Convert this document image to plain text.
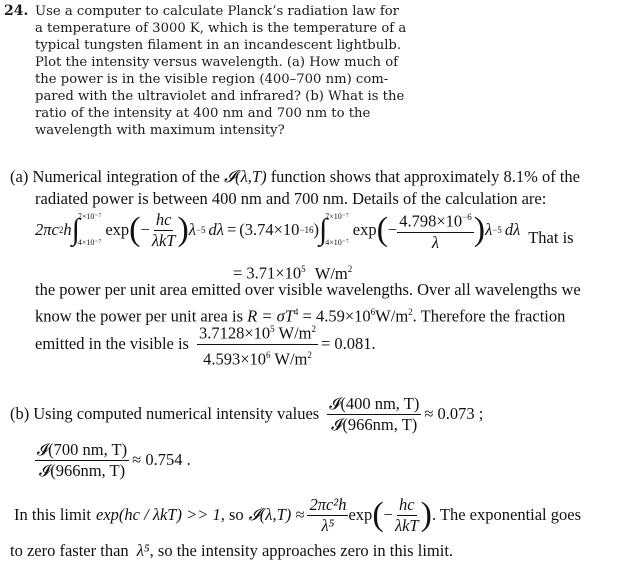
24. Use a computer to calculate Planck’s radiation law for
a temperature of 3000 K, which is the temperature of a
typical tungsten filament in an incandescent lightbulb.
Plot the intensity versus wavelength. (a) How much of
the power is in the visible region (400–700 nm) com-
pared with the ultraviolet and infrared? (b) What is the
ratio of the intensity at 400 nm and 700 nm to the
wavelength with maximum intensity?
(a) Numerical integration of the 𝓘(λ,T) function shows that approximately 8.1% of the
radiated power is between 400 nm and 700 nm. Details of the calculation are:
2πc 2 h ∫
7×10⁻⁷
4×10⁻⁷
exp ( − $\frac{hc}{\text{λkT}}$ ) λ −5 dλ = (3.74×10 −16 ) ∫
7×10⁻⁷
4×10⁻⁷
exp ( − $\frac{4.798\times 10^{-6}}{\lambda}$ ) λ −5 dλ That is
= $3.71\times 10^5$ $W/m^2$
the power per unit area emitted over visible wavelengths. Over all wavelengths we
know the power per unit area is $R = \sigma T^4 = 4.59\times 10^6W/m^2$. Therefore the fraction
emitted in the visible is $\frac{3.7128\times 10^5 W/m^2}{4.593\times 10^6 W/m^2} = 0.081$.
(b) Using computed numerical intensity values $\frac{\text{𝓘(400 nm, T)}}{\text{𝓘(966nm, T)}} \approx 0.073$ ;
$\frac{\text{𝓘(700 nm, T)}}{\text{𝓘(966nm, T)}} \approx 0.754$ .
In this limit exp(hc / λkT) >> 1 , so 𝓘(λ,T) ≈ $\frac{\text{2πc²h}}{\text{λ⁵}}$ exp ( − $\frac{hc}{\text{λkT}}$ ) . The exponential goes
to zero faster than λ⁵, so the intensity approaches zero in this limit.
